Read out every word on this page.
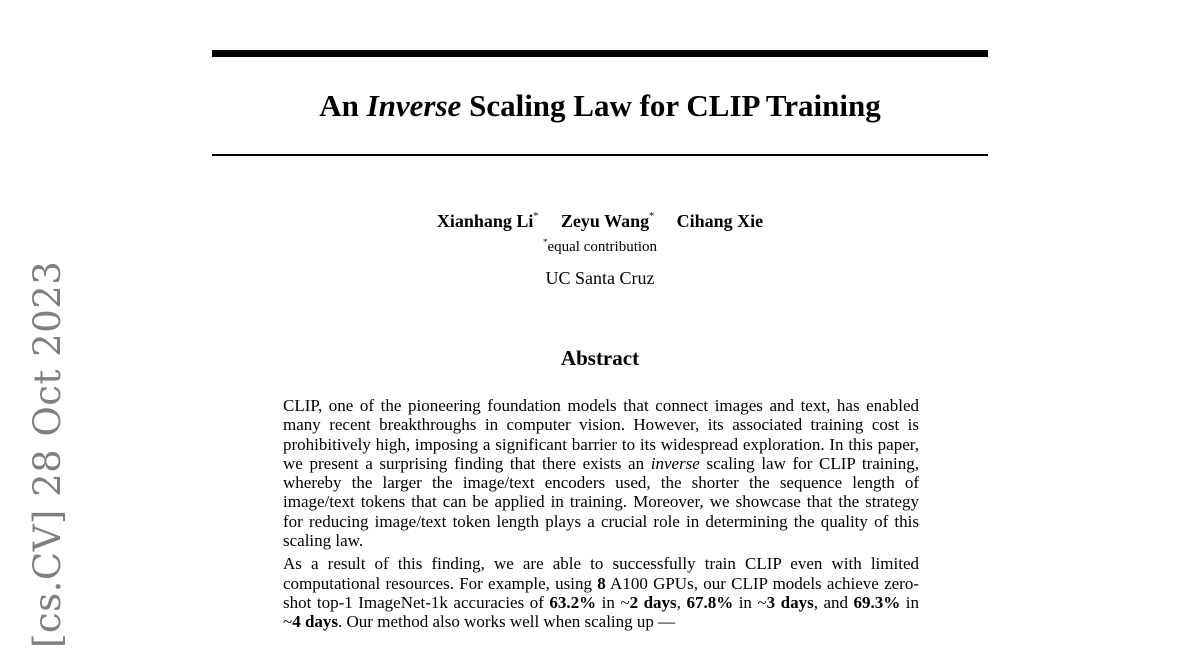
An Inverse Scaling Law for CLIP Training
Xianhang Li* Zeyu Wang* Cihang Xie
*equal contribution
UC Santa Cruz
Abstract

CLIP, one of the pioneering foundation models that connect images and text, has enabled many recent breakthroughs in computer vision. However, its associated training cost is prohibitively high, imposing a significant barrier to its widespread exploration. In this paper, we present a surprising finding that there exists an inverse scaling law for CLIP training, whereby the larger the image/text encoders used, the shorter the sequence length of image/text tokens that can be applied in training. Moreover, we showcase that the strategy for reducing image/text token length plays a crucial role in determining the quality of this scaling law.

As a result of this finding, we are able to successfully train CLIP even with limited computational resources. For example, using 8 A100 GPUs, our CLIP models achieve zero-shot top-1 ImageNet-1k accuracies of 63.2% in ~2 days, 67.8% in ~3 days, and 69.3% in ~4 days. Our method also works well when scaling up —

[cs.CV] 28 Oct 2023
